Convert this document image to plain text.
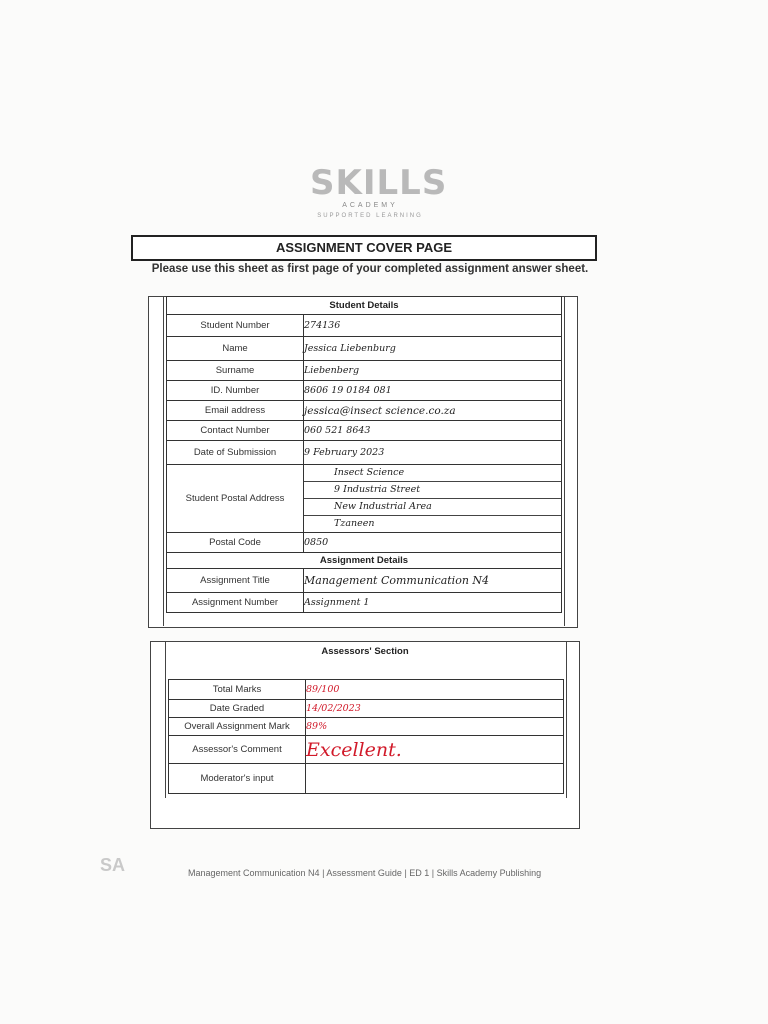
SKILLS
ACADEMY
SUPPORTED LEARNING
ASSIGNMENT COVER PAGE
Please use this sheet as first page of your completed assignment answer sheet.
Student Details	
Student Number	274136
Name	Jessica Liebenburg
Surname	Liebenberg
ID. Number	8606 19 0184 081
Email address	jessica@insect science.co.za
Contact Number	060 521 8643
Date of Submission	9 February 2023
Student Postal Address	Insect Science
9 Industria Street
New Industrial Area
Tzaneen

Postal Code	0850
Assignment Details	
Assignment Title	Management Communication N4
Assignment Number	Assignment 1
Assessors' Section
Total Marks	89/100
Date Graded	14/02/2023
Overall Assignment Mark	89%
Assessor's Comment	Excellent.
Moderator's input	
SA	Management Communication N4 | Assessment Guide | ED 1 | Skills Academy Publishing
